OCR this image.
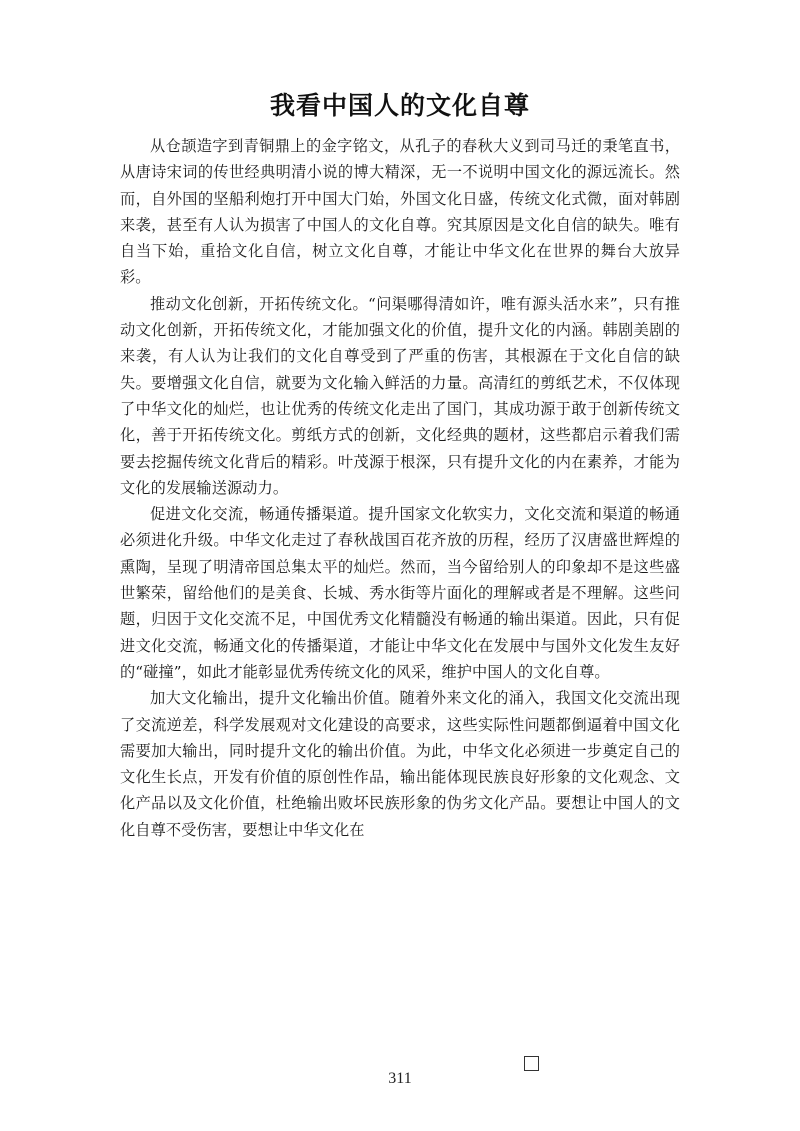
我看中国人的文化自尊

从仓颉造字到青铜鼎上的金字铭文，从孔子的春秋大义到司马迁的秉笔直书，从唐诗宋词的传世经典明清小说的博大精深，无一不说明中国文化的源远流长。然而，自外国的坚船利炮打开中国大门始，外国文化日盛，传统文化式微，面对韩剧来袭，甚至有人认为损害了中国人的文化自尊。究其原因是文化自信的缺失。唯有自当下始，重拾文化自信，树立文化自尊，才能让中华文化在世界的舞台大放异彩。

推动文化创新，开拓传统文化。“问渠哪得清如许，唯有源头活水来”，只有推动文化创新，开拓传统文化，才能加强文化的价值，提升文化的内涵。韩剧美剧的来袭，有人认为让我们的文化自尊受到了严重的伤害，其根源在于文化自信的缺失。要增强文化自信，就要为文化输入鲜活的力量。高清红的剪纸艺术，不仅体现了中华文化的灿烂，也让优秀的传统文化走出了国门，其成功源于敢于创新传统文化，善于开拓传统文化。剪纸方式的创新，文化经典的题材，这些都启示着我们需要去挖掘传统文化背后的精彩。叶茂源于根深，只有提升文化的内在素养，才能为文化的发展输送源动力。

促进文化交流，畅通传播渠道。提升国家文化软实力，文化交流和渠道的畅通必须进化升级。中华文化走过了春秋战国百花齐放的历程，经历了汉唐盛世辉煌的熏陶，呈现了明清帝国总集太平的灿烂。然而，当今留给别人的印象却不是这些盛世繁荣，留给他们的是美食、长城、秀水街等片面化的理解或者是不理解。这些问题，归因于文化交流不足，中国优秀文化精髓没有畅通的输出渠道。因此，只有促进文化交流，畅通文化的传播渠道，才能让中华文化在发展中与国外文化发生友好的“碰撞”，如此才能彰显优秀传统文化的风采，维护中国人的文化自尊。

加大文化输出，提升文化输出价值。随着外来文化的涌入，我国文化交流出现了交流逆差，科学发展观对文化建设的高要求，这些实际性问题都倒逼着中国文化需要加大输出，同时提升文化的输出价值。为此，中华文化必须进一步奠定自己的文化生长点，开发有价值的原创性作品，输出能体现民族良好形象的文化观念、文化产品以及文化价值，杜绝输出败坏民族形象的伪劣文化产品。要想让中国人的文化自尊不受伤害，要想让中华文化在

311
